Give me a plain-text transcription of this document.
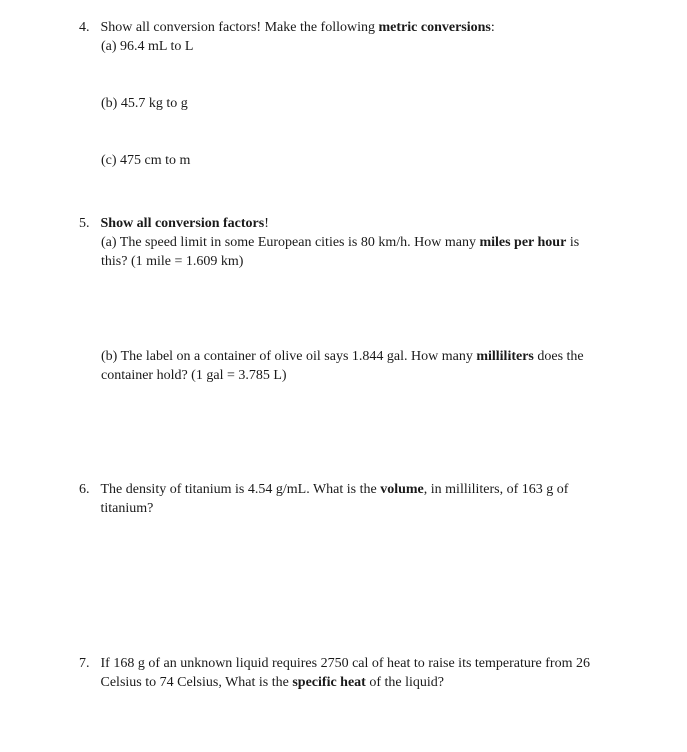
4. Show all conversion factors! Make the following metric conversions:

(a) 96.4 mL to L

(b) 45.7 kg to g

(c) 475 cm to m

5. Show all conversion factors!

(a) The speed limit in some European cities is 80 km/h. How many miles per hour is this? (1 mile = 1.609 km)

(b) The label on a container of olive oil says 1.844 gal. How many milliliters does the container hold? (1 gal = 3.785 L)

6. The density of titanium is 4.54 g/mL. What is the volume, in milliliters, of 163 g of titanium?

7. If 168 g of an unknown liquid requires 2750 cal of heat to raise its temperature from 26 Celsius to 74 Celsius, What is the specific heat of the liquid?
